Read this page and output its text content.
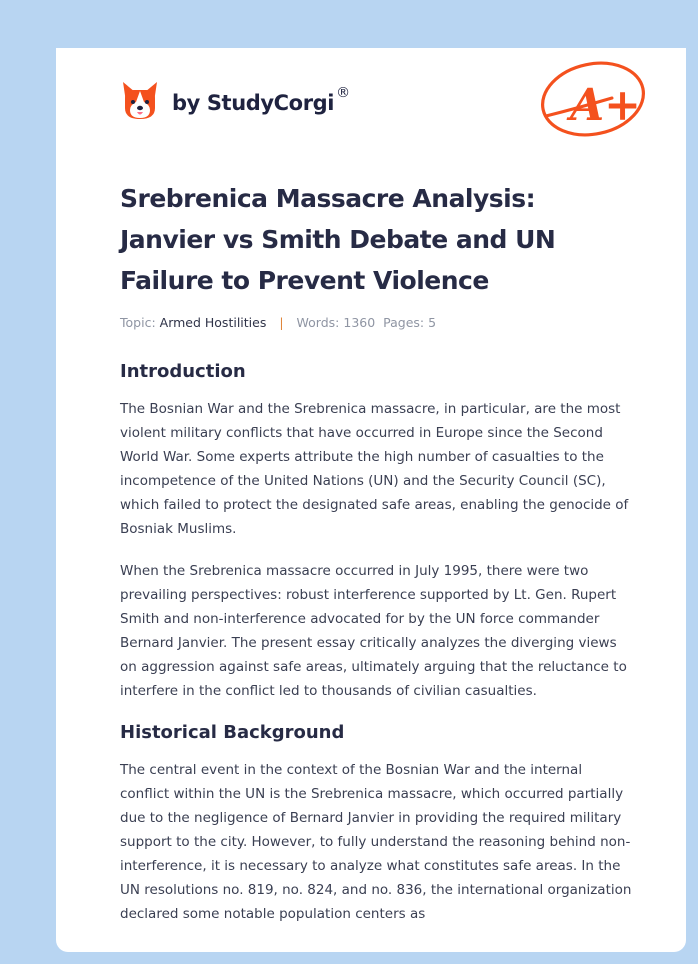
by StudyCorgi ®	A+
Srebrenica Massacre Analysis: Janvier vs Smith Debate and UN Failure to Prevent Violence
Topic: Armed Hostilities | Words: 1360 Pages: 5
Introduction

The Bosnian War and the Srebrenica massacre, in particular, are the most violent military conflicts that have occurred in Europe since the Second World War. Some experts attribute the high number of casualties to the incompetence of the United Nations (UN) and the Security Council (SC), which failed to protect the designated safe areas, enabling the genocide of Bosniak Muslims.

When the Srebrenica massacre occurred in July 1995, there were two prevailing perspectives: robust interference supported by Lt. Gen. Rupert Smith and non-interference advocated for by the UN force commander Bernard Janvier. The present essay critically analyzes the diverging views on aggression against safe areas, ultimately arguing that the reluctance to interfere in the conflict led to thousands of civilian casualties.

Historical Background

The central event in the context of the Bosnian War and the internal conflict within the UN is the Srebrenica massacre, which occurred partially due to the negligence of Bernard Janvier in providing the required military support to the city. However, to fully understand the reasoning behind non-interference, it is necessary to analyze what constitutes safe areas. In the UN resolutions no. 819, no. 824, and no. 836, the international organization declared some notable population centers as
